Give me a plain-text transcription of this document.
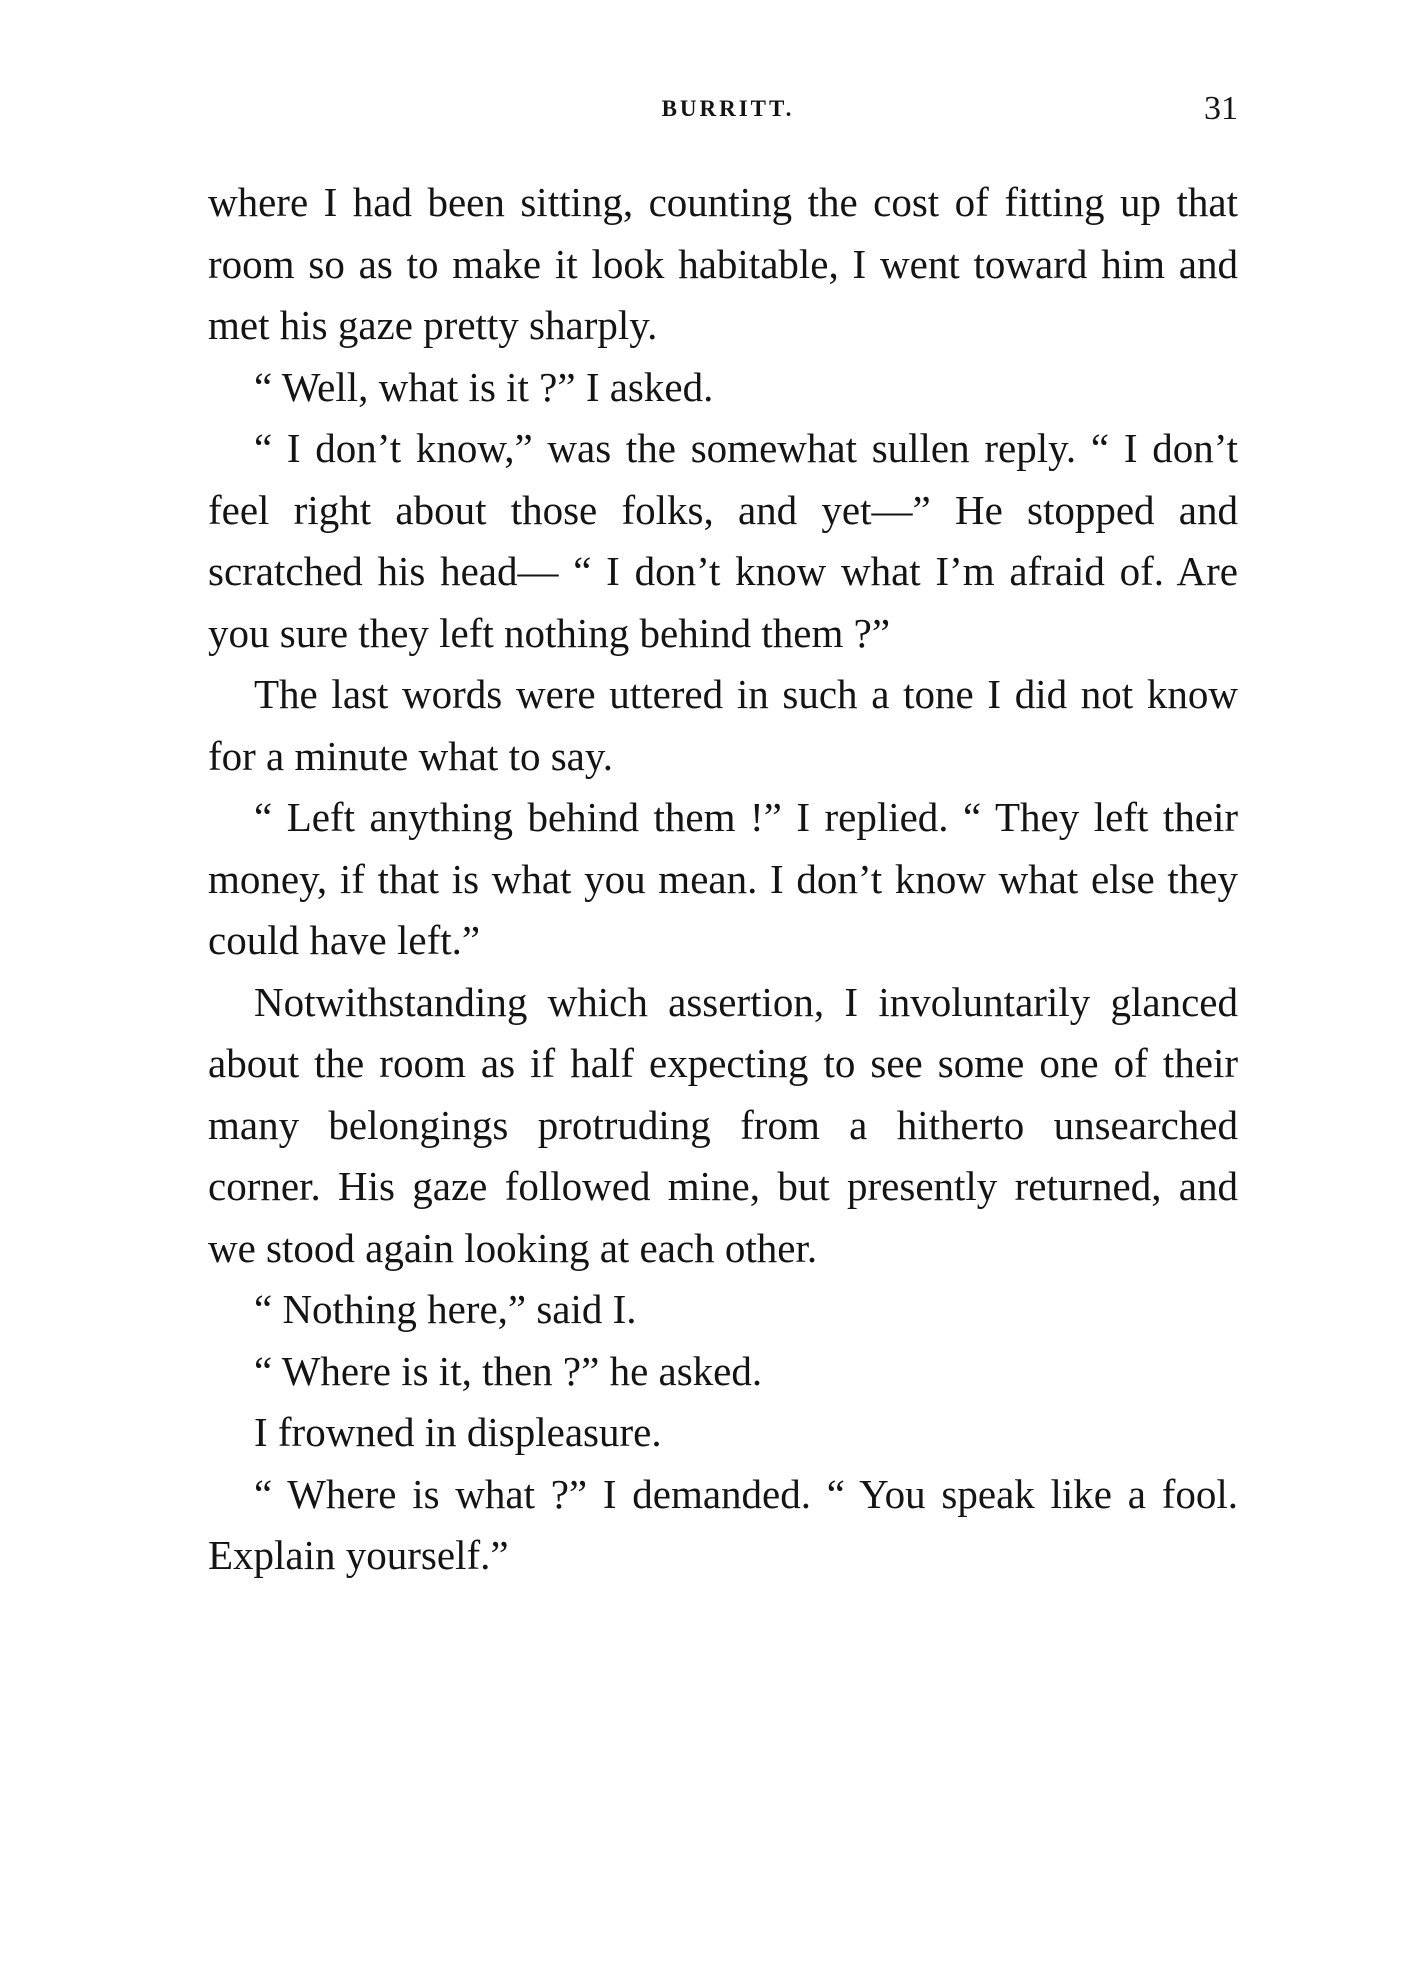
BURRITT.	31

where I had been sitting, counting the cost of fitting up that room so as to make it look habitable, I went toward him and met his gaze pretty sharply.

“ Well, what is it ?” I asked.

“ I don’t know,” was the somewhat sullen reply. “ I don’t feel right about those folks, and yet—” He stopped and scratched his head— “ I don’t know what I’m afraid of. Are you sure they left nothing behind them ?”

The last words were uttered in such a tone I did not know for a minute what to say.

“ Left anything behind them !” I replied. “ They left their money, if that is what you mean. I don’t know what else they could have left.”

Notwithstanding which assertion, I involuntarily glanced about the room as if half expecting to see some one of their many belongings protruding from a hitherto unsearched corner. His gaze followed mine, but presently returned, and we stood again looking at each other.

“ Nothing here,” said I.

“ Where is it, then ?” he asked.

I frowned in displeasure.

“ Where is what ?” I demanded. “ You speak like a fool. Explain yourself.”
